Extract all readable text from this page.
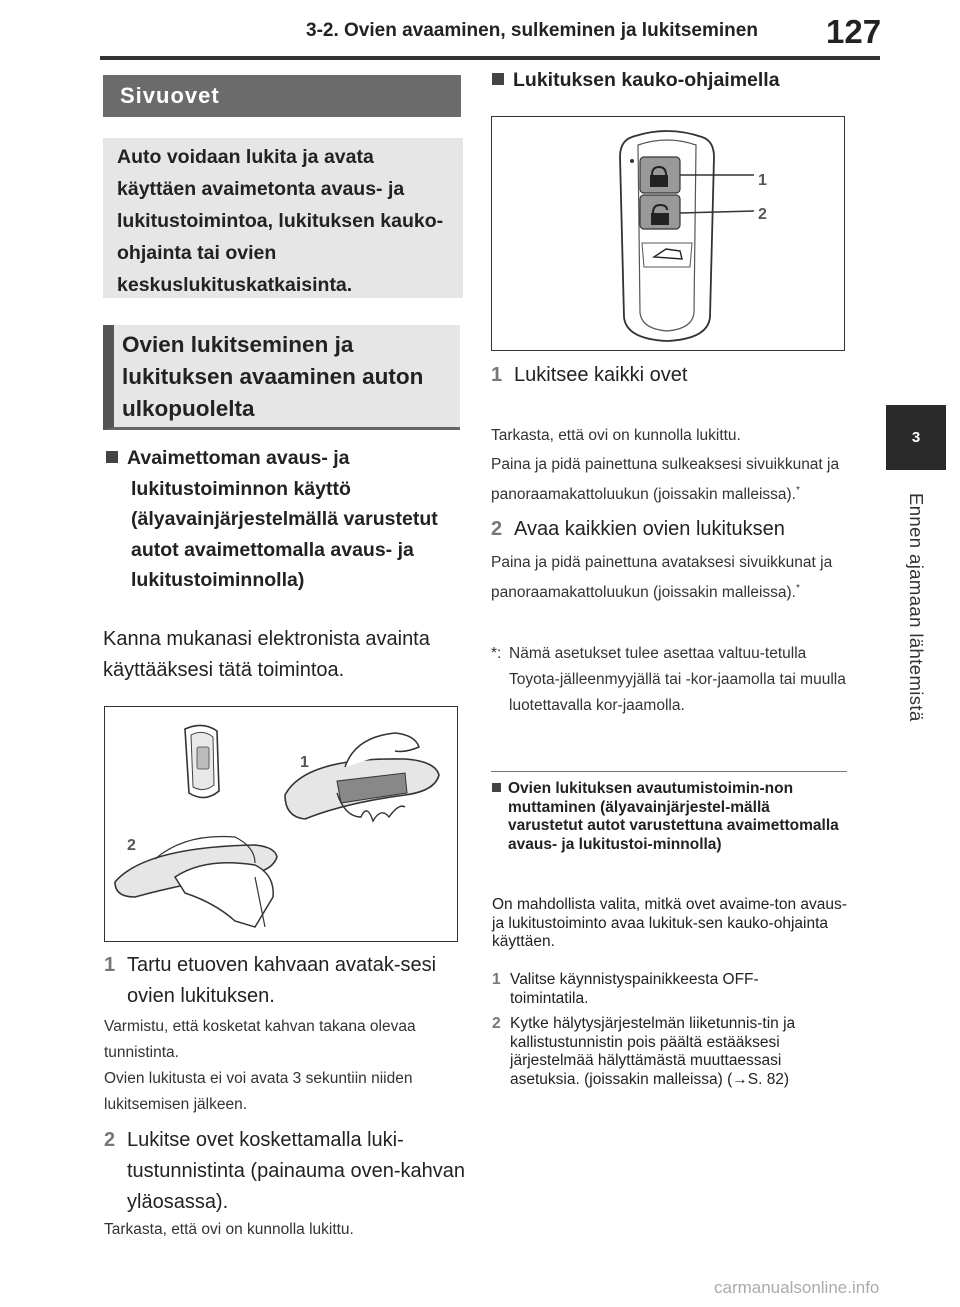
3-2. Ovien avaaminen, sulkeminen ja lukitseminen 127
3
Ennen ajamaan lähtemistä
Sivuovet
Auto voidaan lukita ja avata käyttäen avaimetonta avaus- ja lukitustoimintoa, lukituksen kauko-ohjainta tai ovien keskuslukituskatkaisinta.
Ovien lukitseminen ja lukituksen avaaminen auton ulkopuolelta
Avaimettoman avaus- ja lukitustoiminnon käyttö (älyavainjärjestelmällä varustetut autot avaimettomalla avaus- ja lukitustoiminnolla)
Kanna mukanasi elektronista avainta käyttääksesi tätä toimintoa.
1
2
1 Tartu etuoven kahvaan avatak-sesi ovien lukituksen.
Varmistu, että kosketat kahvan takana olevaa tunnistinta.
Ovien lukitusta ei voi avata 3 sekuntiin niiden lukitsemisen jälkeen.
2 Lukitse ovet koskettamalla luki-tustunnistinta (painauma oven-kahvan yläosassa).
Tarkasta, että ovi on kunnolla lukittu.
Lukituksen kauko-ohjaimella
1
2
1 Lukitsee kaikki ovet
Tarkasta, että ovi on kunnolla lukittu.
Paina ja pidä painettuna sulkeaksesi sivuikkunat ja panoraamakattoluukun (joissakin malleissa).*
2 Avaa kaikkien ovien lukituksen
Paina ja pidä painettuna avataksesi sivuikkunat ja panoraamakattoluukun (joissakin malleissa).*
*: Nämä asetukset tulee asettaa valtuu-tetulla Toyota-jälleenmyyjällä tai -kor-jaamolla tai muulla luotettavalla kor-jaamolla.
Ovien lukituksen avautumistoimin-non muttaminen (älyavainjärjestel-mällä varustetut autot varustettuna avaimettomalla avaus- ja lukitustoi-minnolla)
On mahdollista valita, mitkä ovet avaime-ton avaus- ja lukitustoiminto avaa lukituk-sen kauko-ohjainta käyttäen.
1 Valitse käynnistyspainikkeesta OFF-toimintatila.
2 Kytke hälytysjärjestelmän liiketunnis-tin ja kallistustunnistin pois päältä estääksesi järjestelmää hälyttämästä muuttaessasi asetuksia. (joissakin malleissa) (→S. 82)
carmanualsonline.info
